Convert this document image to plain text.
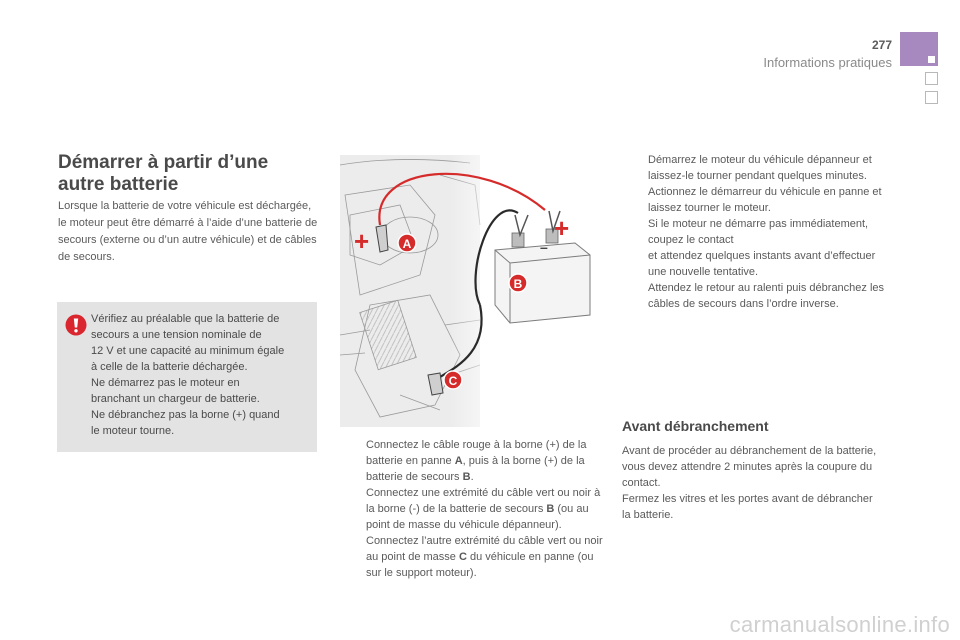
277
Informations pratiques
Démarrer à partir d’une
autre batterie

Lorsque la batterie de votre véhicule est déchargée, le moteur peut être démarré à l’aide d’une batterie de secours (externe ou d’un autre véhicule) et de câbles de secours.

Vérifiez au préalable que la batterie de
secours a une tension nominale de
12 V et une capacité au minimum égale
à celle de la batterie déchargée.
Ne démarrez pas le moteur en
branchant un chargeur de batterie.
Ne débranchez pas la borne (+) quand
le moteur tourne.

+	+
–
A
B
C
Connectez le câble rouge à la borne (+) de la batterie en panne A, puis à la borne (+) de la batterie de secours B.
Connectez une extrémité du câble vert ou noir à la borne (-) de la batterie de secours B (ou au point de masse du véhicule dépanneur).
Connectez l’autre extrémité du câble vert ou noir au point de masse C du véhicule en panne (ou sur le support moteur).
Démarrez le moteur du véhicule dépanneur et laissez-le tourner pendant quelques minutes.
Actionnez le démarreur du véhicule en panne et laissez tourner le moteur.
Si le moteur ne démarre pas immédiatement, coupez le contact
et attendez quelques instants avant d’effectuer une nouvelle tentative.
Attendez le retour au ralenti puis débranchez les câbles de secours dans l’ordre inverse.
Avant débranchement

Avant de procéder au débranchement de la batterie, vous devez attendre 2 minutes après la coupure du contact.
Fermez les vitres et les portes avant de débrancher la batterie.

carmanualsonline.info
